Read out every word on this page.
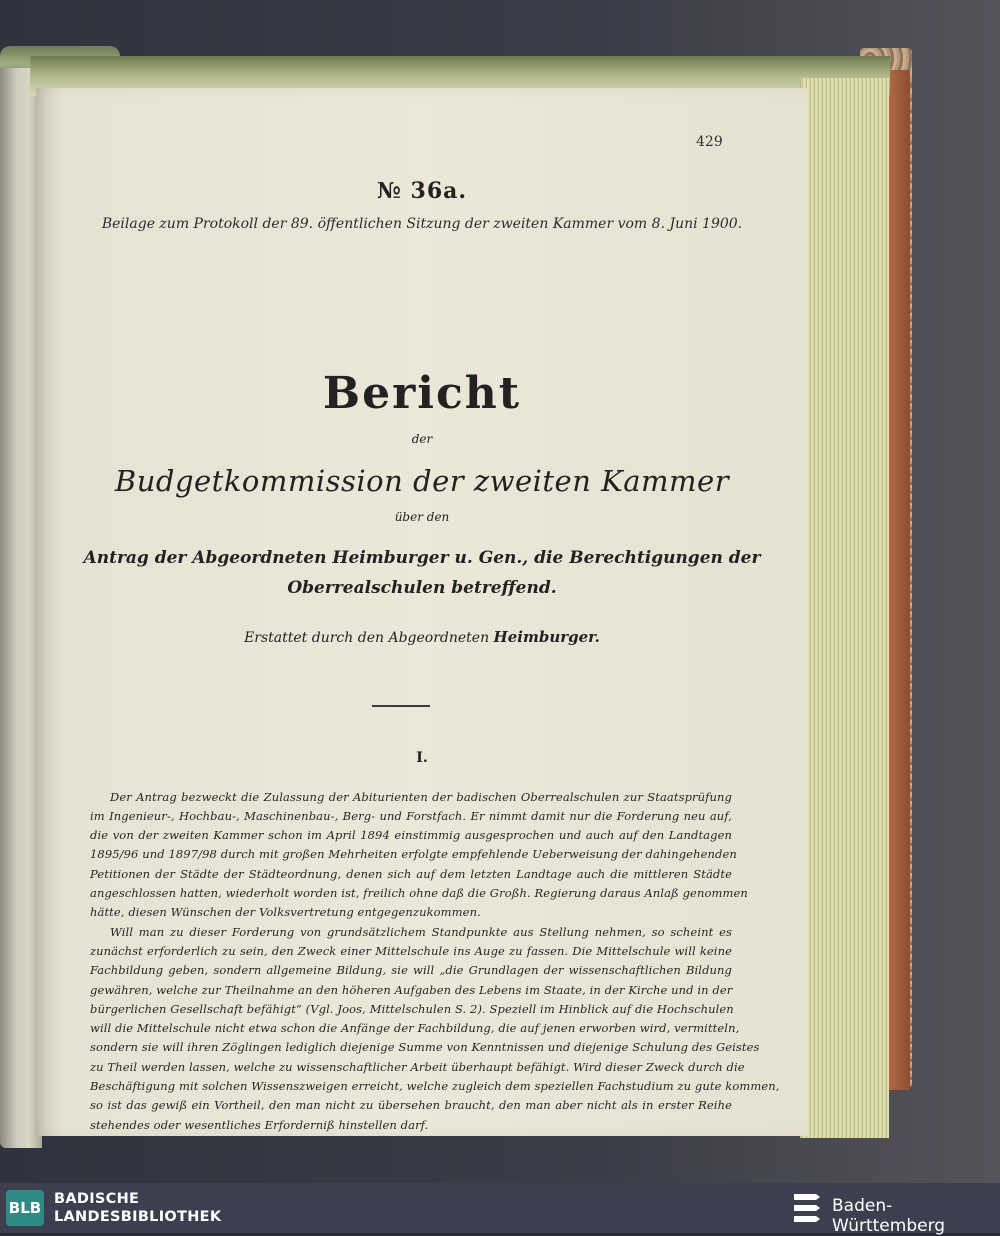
429

№ 36a.

Beilage zum Protokoll der 89. öffentlichen Sitzung der zweiten Kammer vom 8. Juni 1900.

Bericht

der

Budgetkommission der zweiten Kammer

über den

Antrag der Abgeordneten Heimburger u. Gen., die Berechtigungen der

Oberrealschulen betreffend.

Erstattet durch den Abgeordneten Heimburger.

I.

Der Antrag bezweckt die Zulassung der Abiturienten der badischen Oberrealschulen zur Staatsprüfung

im Ingenieur-, Hochbau-, Maschinenbau-, Berg- und Forstfach. Er nimmt damit nur die Forderung neu auf,

die von der zweiten Kammer schon im April 1894 einstimmig ausgesprochen und auch auf den Landtagen

1895/96 und 1897/98 durch mit großen Mehrheiten erfolgte empfehlende Ueberweisung der dahingehenden

Petitionen der Städte der Städteordnung, denen sich auf dem letzten Landtage auch die mittleren Städte

angeschlossen hatten, wiederholt worden ist, freilich ohne daß die Großh. Regierung daraus Anlaß genommen

hätte, diesen Wünschen der Volksvertretung entgegenzukommen.

Will man zu dieser Forderung von grundsätzlichem Standpunkte aus Stellung nehmen, so scheint es

zunächst erforderlich zu sein, den Zweck einer Mittelschule ins Auge zu fassen. Die Mittelschule will keine

Fachbildung geben, sondern allgemeine Bildung, sie will „die Grundlagen der wissenschaftlichen Bildung

gewähren, welche zur Theilnahme an den höheren Aufgaben des Lebens im Staate, in der Kirche und in der

bürgerlichen Gesellschaft befähigt“ (Vgl. Joos, Mittelschulen S. 2). Speziell im Hinblick auf die Hochschulen

will die Mittelschule nicht etwa schon die Anfänge der Fachbildung, die auf jenen erworben wird, vermitteln,

sondern sie will ihren Zöglingen lediglich diejenige Summe von Kenntnissen und diejenige Schulung des Geistes

zu Theil werden lassen, welche zu wissenschaftlicher Arbeit überhaupt befähigt. Wird dieser Zweck durch die

Beschäftigung mit solchen Wissenszweigen erreicht, welche zugleich dem speziellen Fachstudium zu gute kommen,

so ist das gewiß ein Vortheil, den man nicht zu übersehen braucht, den man aber nicht als in erster Reihe

stehendes oder wesentliches Erforderniß hinstellen darf.

BLB BADISCHE
LANDESBIBLIOTHEK
Baden-Württemberg
